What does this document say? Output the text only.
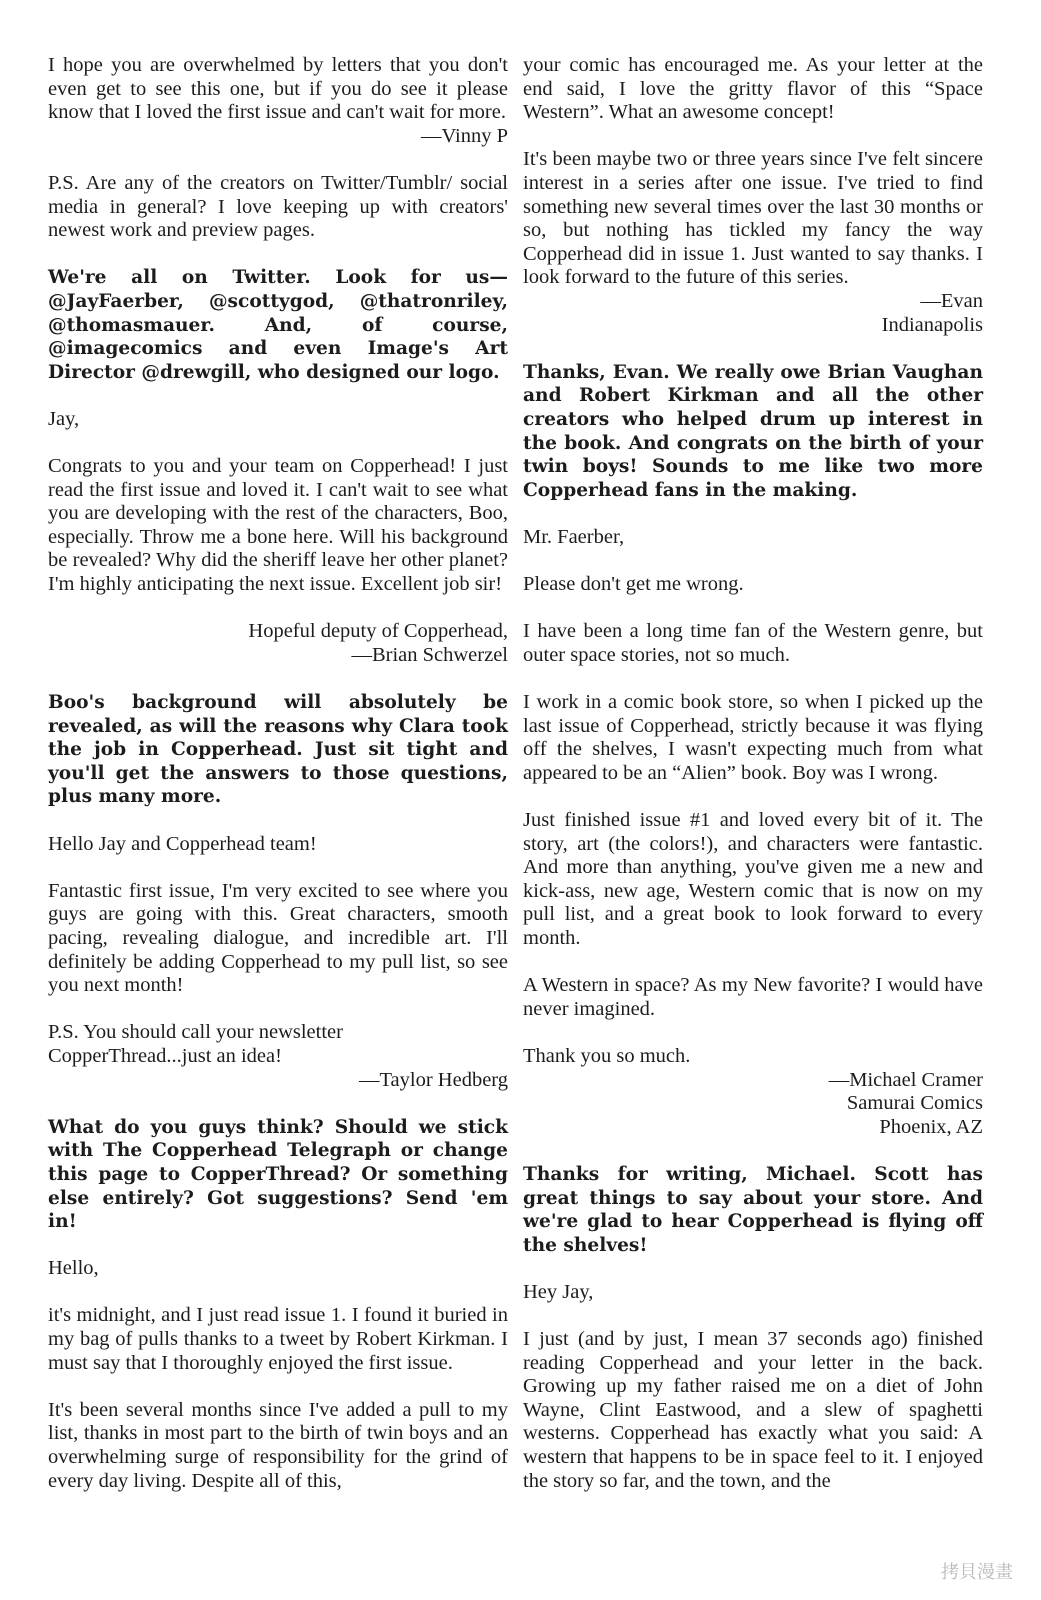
I hope you are overwhelmed by letters that you don't even get to see this one, but if you do see it please know that I loved the first issue and can't wait for more.

—Vinny P

P.S. Are any of the creators on Twitter/Tumblr/ social media in general? I love keeping up with creators' newest work and preview pages.

We're all on Twitter. Look for us—@JayFaerber, @scottygod, @thatronriley, @thomasmauer. And, of course, @imagecomics and even Image's Art Director @drewgill, who designed our logo.

Jay,

Congrats to you and your team on Copperhead! I just read the first issue and loved it. I can't wait to see what you are developing with the rest of the characters, Boo, especially. Throw me a bone here. Will his background be revealed? Why did the sheriff leave her other planet? I'm highly anticipating the next issue. Excellent job sir!

Hopeful deputy of Copperhead,

—Brian Schwerzel

Boo's background will absolutely be revealed, as will the reasons why Clara took the job in Copperhead. Just sit tight and you'll get the answers to those questions, plus many more.

Hello Jay and Copperhead team!

Fantastic first issue, I'm very excited to see where you guys are going with this. Great characters, smooth pacing, revealing dialogue, and incredible art. I'll definitely be adding Copperhead to my pull list, so see you next month!

P.S. You should call your newsletter

CopperThread...just an idea!

—Taylor Hedberg

What do you guys think? Should we stick with The Copperhead Telegraph or change this page to CopperThread? Or something else entirely? Got suggestions? Send 'em in!

Hello,

it's midnight, and I just read issue 1. I found it buried in my bag of pulls thanks to a tweet by Robert Kirkman. I must say that I thoroughly enjoyed the first issue.

It's been several months since I've added a pull to my list, thanks in most part to the birth of twin boys and an overwhelming surge of responsibility for the grind of every day living. Despite all of this,

your comic has encouraged me. As your letter at the end said, I love the gritty flavor of this “Space Western”. What an awesome concept!

It's been maybe two or three years since I've felt sincere interest in a series after one issue. I've tried to find something new several times over the last 30 months or so, but nothing has tickled my fancy the way Copperhead did in issue 1. Just wanted to say thanks. I look forward to the future of this series.

—Evan

Indianapolis

Thanks, Evan. We really owe Brian Vaughan and Robert Kirkman and all the other creators who helped drum up interest in the book. And congrats on the birth of your twin boys! Sounds to me like two more Copperhead fans in the making.

Mr. Faerber,

Please don't get me wrong.

I have been a long time fan of the Western genre, but outer space stories, not so much.

I work in a comic book store, so when I picked up the last issue of Copperhead, strictly because it was flying off the shelves, I wasn't expecting much from what appeared to be an “Alien” book. Boy was I wrong.

Just finished issue #1 and loved every bit of it. The story, art (the colors!), and characters were fantastic. And more than anything, you've given me a new and kick-ass, new age, Western comic that is now on my pull list, and a great book to look forward to every month.

A Western in space? As my New favorite? I would have never imagined.

Thank you so much.

—Michael Cramer

Samurai Comics

Phoenix, AZ

Thanks for writing, Michael. Scott has great things to say about your store. And we're glad to hear Copperhead is flying off the shelves!

Hey Jay,

I just (and by just, I mean 37 seconds ago) finished reading Copperhead and your letter in the back. Growing up my father raised me on a diet of John Wayne, Clint Eastwood, and a slew of spaghetti westerns. Copperhead has exactly what you said: A western that happens to be in space feel to it. I enjoyed the story so far, and the town, and the

拷貝漫畫
